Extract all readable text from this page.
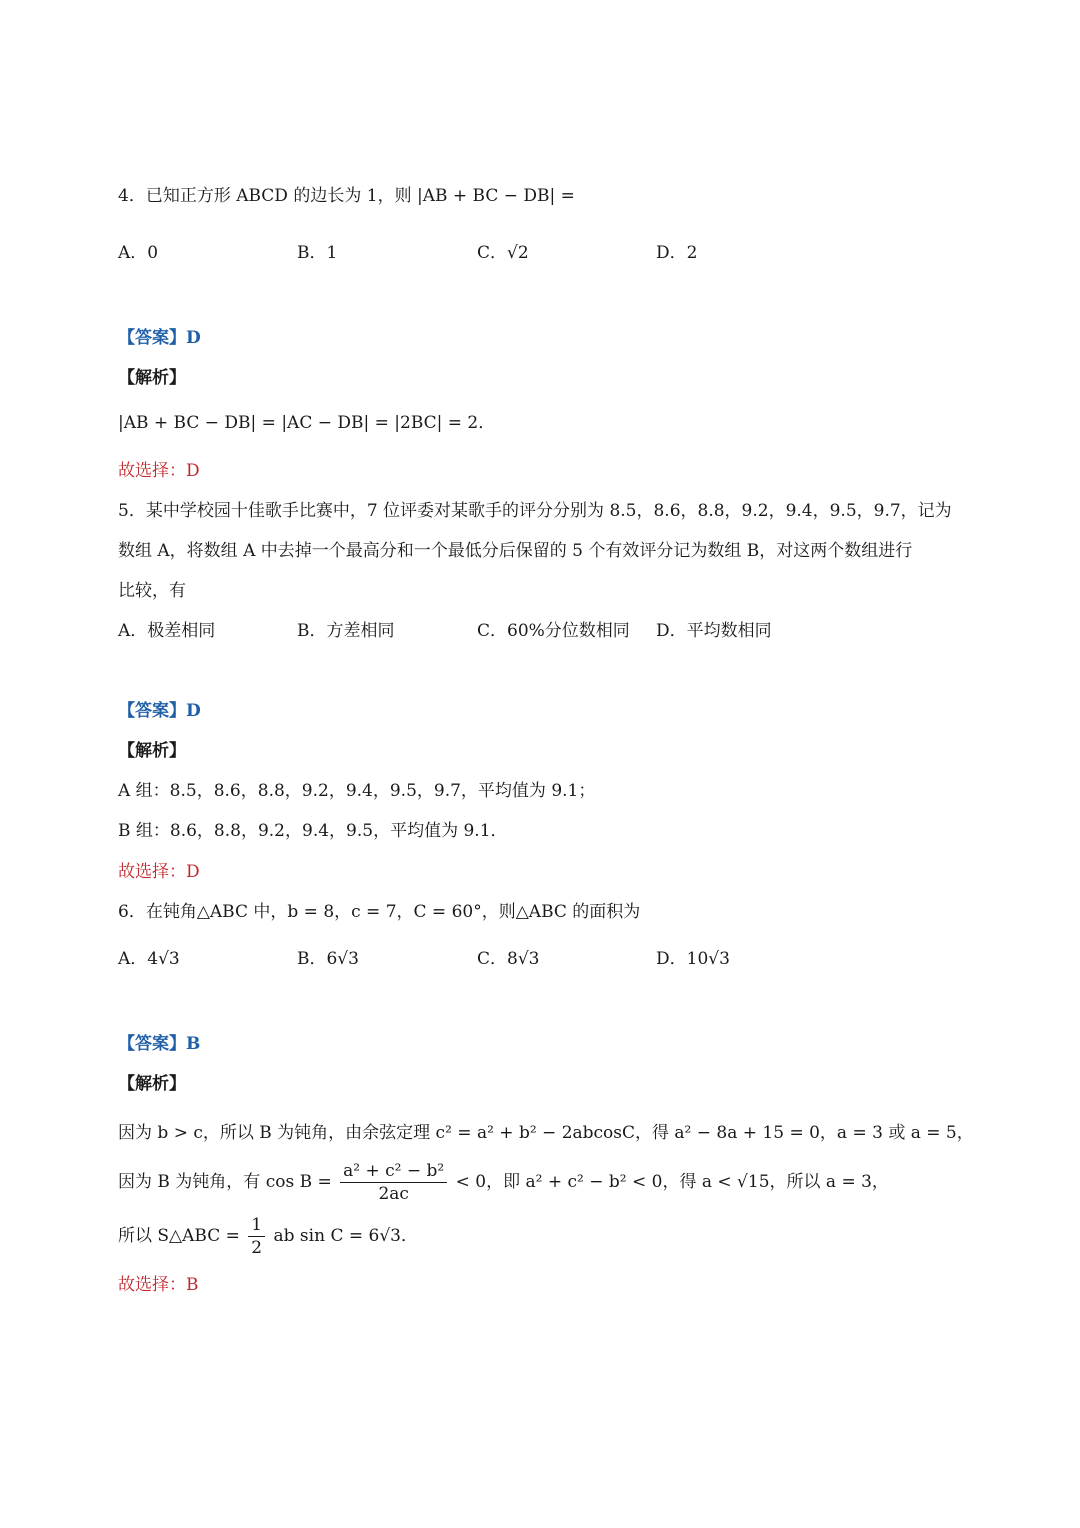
4．已知正方形 ABCD 的边长为 1，则 |AB + BC − DB| =
A．0	B．1	C．√2	D．2
【答案】D
【解析】
|AB + BC − DB| = |AC − DB| = |2BC| = 2．
故选择：D
5．某中学校园十佳歌手比赛中，7 位评委对某歌手的评分分别为 8.5，8.6，8.8，9.2，9.4，9.5，9.7，记为
数组 A，将数组 A 中去掉一个最高分和一个最低分后保留的 5 个有效评分记为数组 B，对这两个数组进行
比较，有
A．极差相同	B．方差相同	C．60%分位数相同 D．平均数相同
【答案】D
【解析】
A 组：8.5，8.6，8.8，9.2，9.4，9.5，9.7，平均值为 9.1；
B 组：8.6，8.8，9.2，9.4，9.5，平均值为 9.1．
故选择：D
6．在钝角△ABC 中，b = 8，c = 7，C = 60°，则△ABC 的面积为
A．4√3	B．6√3	C．8√3	D．10√3
【答案】B
【解析】
因为 b > c，所以 B 为钝角，由余弦定理 c² = a² + b² − 2abcosC，得 a² − 8a + 15 = 0，a = 3 或 a = 5，
因为 B 为钝角，有 $\cos B = \frac{\text{a² + c² − b²}}{2ac} < 0$，即 a² + c² − b² < 0，得 a < √15，所以 a = 3，
所以 S△ABC = $\frac{1}{2}$ ab sin C = 6√3．
故选择：B
